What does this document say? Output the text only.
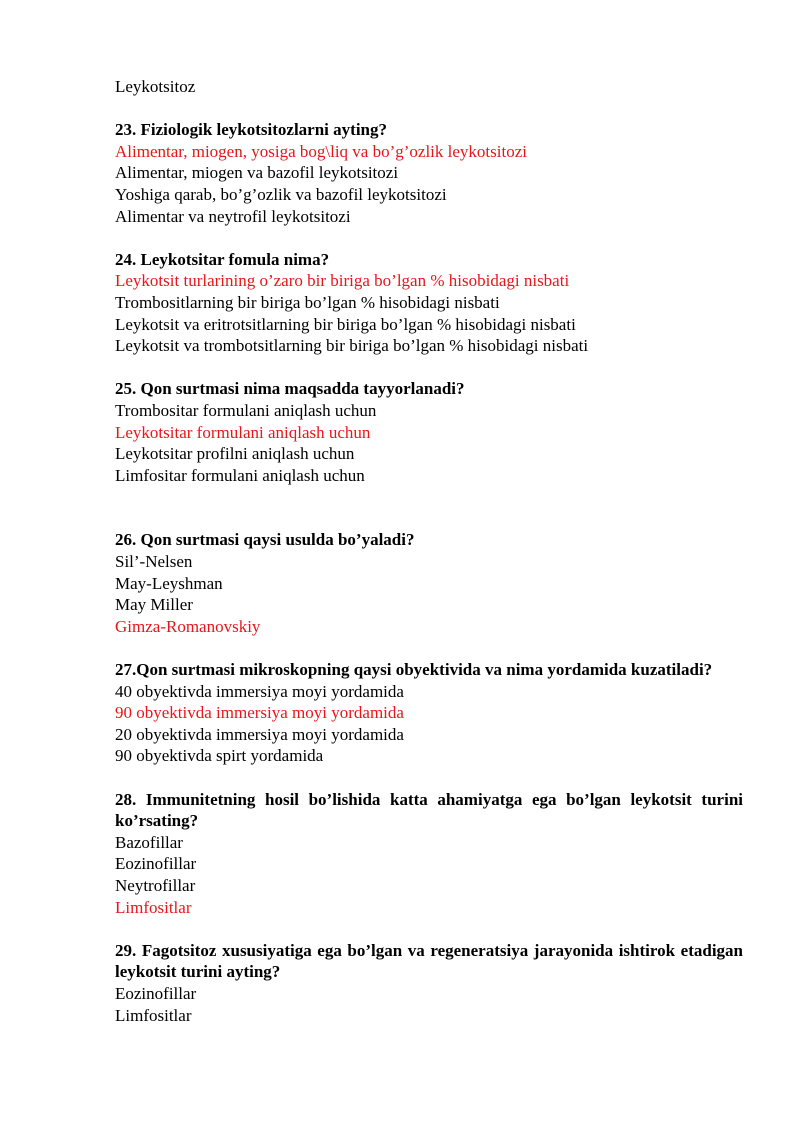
Leykotsitoz

23. Fiziologik leykotsitozlarni ayting?

Alimentar, miogen, yosiga bog\liq va bo’g’ozlik leykotsitozi

Alimentar, miogen va bazofil leykotsitozi

Yoshiga qarab, bo’g’ozlik va bazofil leykotsitozi

Alimentar va neytrofil leykotsitozi

24. Leykotsitar fomula nima?

Leykotsit turlarining o’zaro bir biriga bo’lgan % hisobidagi nisbati

Trombositlarning bir biriga bo’lgan % hisobidagi nisbati

Leykotsit va eritrotsitlarning bir biriga bo’lgan % hisobidagi nisbati

Leykotsit va trombotsitlarning bir biriga bo’lgan % hisobidagi nisbati

25. Qon surtmasi nima maqsadda tayyorlanadi?

Trombositar formulani aniqlash uchun

Leykotsitar formulani aniqlash uchun

Leykotsitar profilni aniqlash uchun

Limfositar formulani aniqlash uchun

26. Qon surtmasi qaysi usulda bo’yaladi?

Sil’-Nelsen

May-Leyshman

May Miller

Gimza-Romanovskiy

27.Qon surtmasi mikroskopning qaysi obyektivida va nima yordamida kuzatiladi?

40 obyektivda immersiya moyi yordamida

90 obyektivda immersiya moyi yordamida

20 obyektivda immersiya moyi yordamida

90 obyektivda spirt yordamida

28. Immunitetning hosil bo’lishida katta ahamiyatga ega bo’lgan leykotsit turini ko’rsating?

Bazofillar

Eozinofillar

Neytrofillar

Limfositlar

29. Fagotsitoz xususiyatiga ega bo’lgan va regeneratsiya jarayonida ishtirok etadigan leykotsit turini ayting?

Eozinofillar

Limfositlar
